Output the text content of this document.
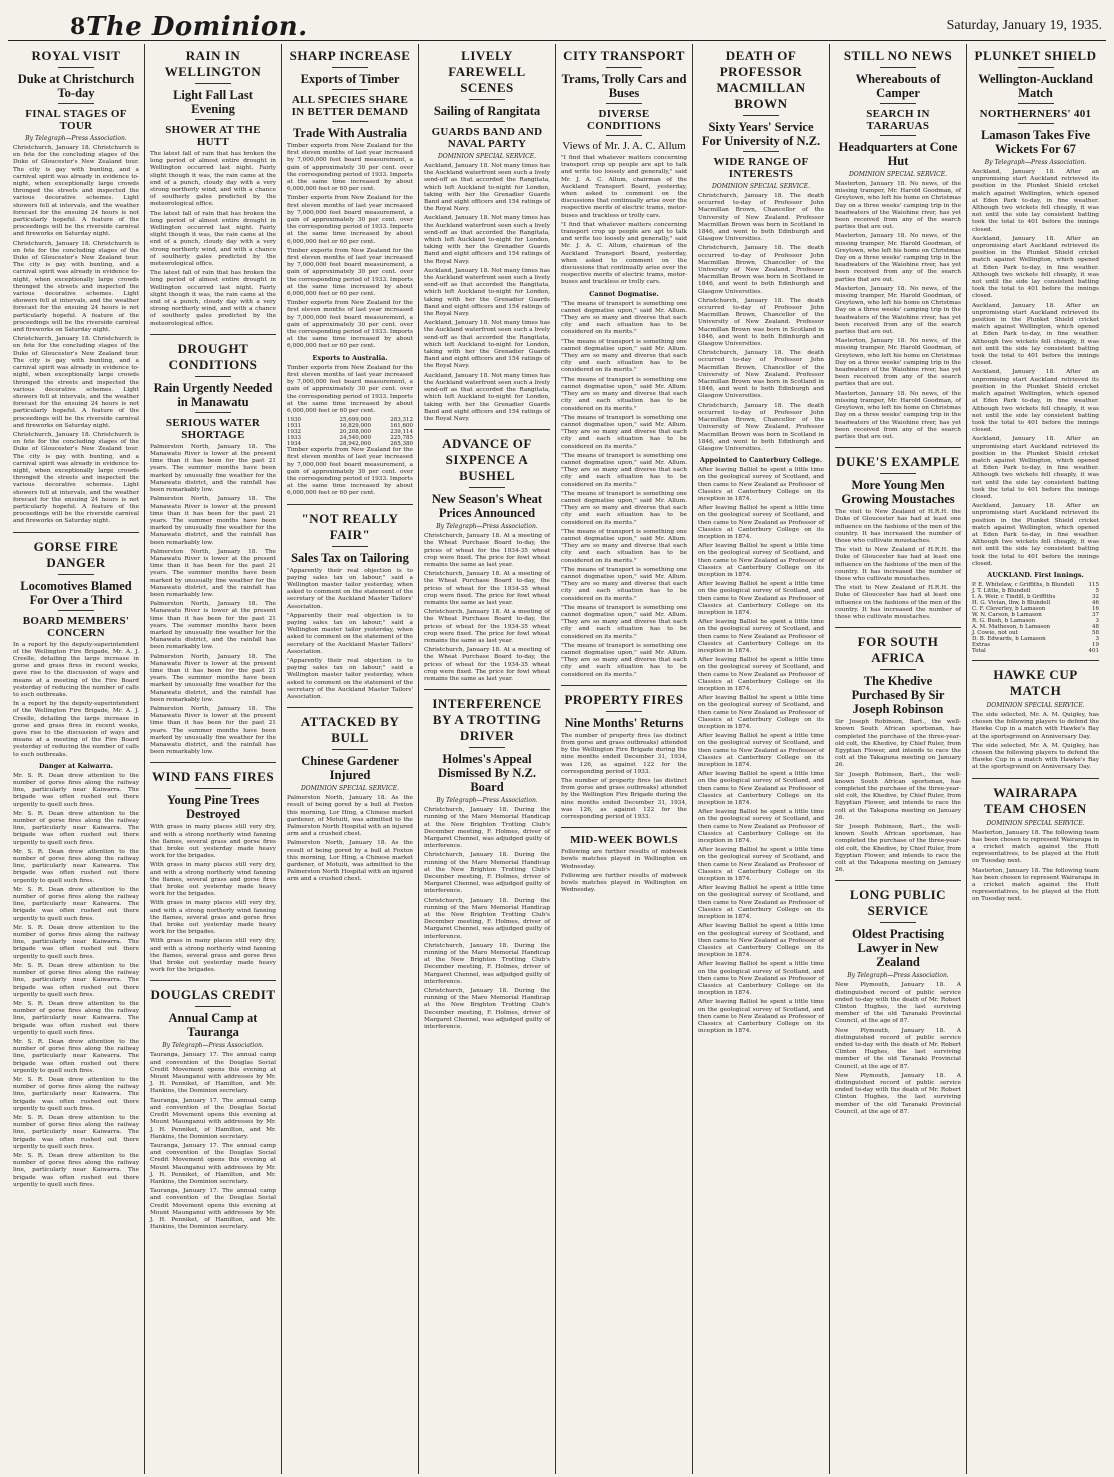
8 The Dominion.	Saturday, January 19, 1935.
ROYAL VISIT
Duke at Christchurch To-day
FINAL STAGES OF TOUR
By Telegraph—Press Association.

Christchurch, January 18. Christchurch is en fete for the concluding stages of the Duke of Gloucester's New Zealand tour. The city is gay with bunting, and a carnival spirit was already in evidence to-night, when exceptionally large crowds thronged the streets and inspected the various decorative schemes. Light showers fell at intervals, and the weather forecast for the ensuing 24 hours is not particularly hopeful. A feature of the proceedings will be the riverside carnival and fireworks on Saturday night.

Christchurch, January 18. Christchurch is en fete for the concluding stages of the Duke of Gloucester's New Zealand tour. The city is gay with bunting, and a carnival spirit was already in evidence to-night, when exceptionally large crowds thronged the streets and inspected the various decorative schemes. Light showers fell at intervals, and the weather forecast for the ensuing 24 hours is not particularly hopeful. A feature of the proceedings will be the riverside carnival and fireworks on Saturday night.

Christchurch, January 18. Christchurch is en fete for the concluding stages of the Duke of Gloucester's New Zealand tour. The city is gay with bunting, and a carnival spirit was already in evidence to-night, when exceptionally large crowds thronged the streets and inspected the various decorative schemes. Light showers fell at intervals, and the weather forecast for the ensuing 24 hours is not particularly hopeful. A feature of the proceedings will be the riverside carnival and fireworks on Saturday night.

Christchurch, January 18. Christchurch is en fete for the concluding stages of the Duke of Gloucester's New Zealand tour. The city is gay with bunting, and a carnival spirit was already in evidence to-night, when exceptionally large crowds thronged the streets and inspected the various decorative schemes. Light showers fell at intervals, and the weather forecast for the ensuing 24 hours is not particularly hopeful. A feature of the proceedings will be the riverside carnival and fireworks on Saturday night.

GORSE FIRE DANGER
Locomotives Blamed For Over a Third
BOARD MEMBERS' CONCERN

In a report by the deputy-superintendent of the Wellington Fire Brigade, Mr. A. J. Creelle, detailing the large increase in gorse and grass fires in recent weeks, gave rise to the discussion of ways and means at a meeting of the Fire Board yesterday of reducing the number of calls to such outbreaks.

In a report by the deputy-superintendent of the Wellington Fire Brigade, Mr. A. J. Creelle, detailing the large increase in gorse and grass fires in recent weeks, gave rise to the discussion of ways and means at a meeting of the Fire Board yesterday of reducing the number of calls to such outbreaks.

Danger at Kaiwarra.

Mr. S. R. Dean drew attention to the number of gorse fires along the railway line, particularly near Kaiwarra. The brigade was often rushed out there urgently to quell such fires.

Mr. S. R. Dean drew attention to the number of gorse fires along the railway line, particularly near Kaiwarra. The brigade was often rushed out there urgently to quell such fires.

Mr. S. R. Dean drew attention to the number of gorse fires along the railway line, particularly near Kaiwarra. The brigade was often rushed out there urgently to quell such fires.

Mr. S. R. Dean drew attention to the number of gorse fires along the railway line, particularly near Kaiwarra. The brigade was often rushed out there urgently to quell such fires.

Mr. S. R. Dean drew attention to the number of gorse fires along the railway line, particularly near Kaiwarra. The brigade was often rushed out there urgently to quell such fires.

Mr. S. R. Dean drew attention to the number of gorse fires along the railway line, particularly near Kaiwarra. The brigade was often rushed out there urgently to quell such fires.

Mr. S. R. Dean drew attention to the number of gorse fires along the railway line, particularly near Kaiwarra. The brigade was often rushed out there urgently to quell such fires.

Mr. S. R. Dean drew attention to the number of gorse fires along the railway line, particularly near Kaiwarra. The brigade was often rushed out there urgently to quell such fires.

Mr. S. R. Dean drew attention to the number of gorse fires along the railway line, particularly near Kaiwarra. The brigade was often rushed out there urgently to quell such fires.

Mr. S. R. Dean drew attention to the number of gorse fires along the railway line, particularly near Kaiwarra. The brigade was often rushed out there urgently to quell such fires.

Mr. S. R. Dean drew attention to the number of gorse fires along the railway line, particularly near Kaiwarra. The brigade was often rushed out there urgently to quell such fires.

RAIN IN WELLINGTON
Light Fall Last Evening
SHOWER AT THE HUTT

The latest fall of rain that has broken the long period of almost entire drought in Wellington occurred last night. Fairly slight though it was, the rain came at the end of a punch, cloudy day with a very strong northerly wind, and with a chance of southerly gales predicted by the meteorological office.

The latest fall of rain that has broken the long period of almost entire drought in Wellington occurred last night. Fairly slight though it was, the rain came at the end of a punch, cloudy day with a very strong northerly wind, and with a chance of southerly gales predicted by the meteorological office.

The latest fall of rain that has broken the long period of almost entire drought in Wellington occurred last night. Fairly slight though it was, the rain came at the end of a punch, cloudy day with a very strong northerly wind, and with a chance of southerly gales predicted by the meteorological office.

DROUGHT CONDITIONS
Rain Urgently Needed in Manawatu
SERIOUS WATER SHORTAGE

Palmerston North, January 18. The Manawatu River is lower at the present time than it has been for the past 21 years. The summer months have been marked by unusually fine weather for the Manawatu district, and the rainfall has been remarkably low.

Palmerston North, January 18. The Manawatu River is lower at the present time than it has been for the past 21 years. The summer months have been marked by unusually fine weather for the Manawatu district, and the rainfall has been remarkably low.

Palmerston North, January 18. The Manawatu River is lower at the present time than it has been for the past 21 years. The summer months have been marked by unusually fine weather for the Manawatu district, and the rainfall has been remarkably low.

Palmerston North, January 18. The Manawatu River is lower at the present time than it has been for the past 21 years. The summer months have been marked by unusually fine weather for the Manawatu district, and the rainfall has been remarkably low.

Palmerston North, January 18. The Manawatu River is lower at the present time than it has been for the past 21 years. The summer months have been marked by unusually fine weather for the Manawatu district, and the rainfall has been remarkably low.

Palmerston North, January 18. The Manawatu River is lower at the present time than it has been for the past 21 years. The summer months have been marked by unusually fine weather for the Manawatu district, and the rainfall has been remarkably low.

WIND FANS FIRES
Young Pine Trees Destroyed

With grass in many places still very dry, and with a strong northerly wind fanning the flames, several grass and gorse fires that broke out yesterday made heavy work for the brigades.

With grass in many places still very dry, and with a strong northerly wind fanning the flames, several grass and gorse fires that broke out yesterday made heavy work for the brigades.

With grass in many places still very dry, and with a strong northerly wind fanning the flames, several grass and gorse fires that broke out yesterday made heavy work for the brigades.

With grass in many places still very dry, and with a strong northerly wind fanning the flames, several grass and gorse fires that broke out yesterday made heavy work for the brigades.

DOUGLAS CREDIT
Annual Camp at Tauranga
By Telegraph—Press Association.

Tauranga, January 17. The annual camp and convention of the Douglas Social Credit Movement opens this evening at Mount Maunganui with addresses by Mr. J. H. Penniket, of Hamilton, and Mr. Hankins, the Dominion secretary.

Tauranga, January 17. The annual camp and convention of the Douglas Social Credit Movement opens this evening at Mount Maunganui with addresses by Mr. J. H. Penniket, of Hamilton, and Mr. Hankins, the Dominion secretary.

Tauranga, January 17. The annual camp and convention of the Douglas Social Credit Movement opens this evening at Mount Maunganui with addresses by Mr. J. H. Penniket, of Hamilton, and Mr. Hankins, the Dominion secretary.

Tauranga, January 17. The annual camp and convention of the Douglas Social Credit Movement opens this evening at Mount Maunganui with addresses by Mr. J. H. Penniket, of Hamilton, and Mr. Hankins, the Dominion secretary.

SHARP INCREASE
Exports of Timber
ALL SPECIES SHARE IN BETTER DEMAND
Trade With Australia

Timber exports from New Zealand for the first eleven months of last year increased by 7,000,000 feet board measurement, a gain of approximately 30 per cent. over the corresponding period of 1933. Imports at the same time increased by about 6,000,000 feet or 60 per cent.

Timber exports from New Zealand for the first eleven months of last year increased by 7,000,000 feet board measurement, a gain of approximately 30 per cent. over the corresponding period of 1933. Imports at the same time increased by about 6,000,000 feet or 60 per cent.

Timber exports from New Zealand for the first eleven months of last year increased by 7,000,000 feet board measurement, a gain of approximately 30 per cent. over the corresponding period of 1933. Imports at the same time increased by about 6,000,000 feet or 60 per cent.

Timber exports from New Zealand for the first eleven months of last year increased by 7,000,000 feet board measurement, a gain of approximately 30 per cent. over the corresponding period of 1933. Imports at the same time increased by about 6,000,000 feet or 60 per cent.

Exports to Australia.

Timber exports from New Zealand for the first eleven months of last year increased by 7,000,000 feet board measurement, a gain of approximately 30 per cent. over the corresponding period of 1933. Imports at the same time increased by about 6,000,000 feet or 60 per cent.

1930	25,699,000	283,312
1931	16,829,000	161,600
1932	20,208,000	239,114
1933	24,540,000	225,785
1934	28,942,000	265,380

Timber exports from New Zealand for the first eleven months of last year increased by 7,000,000 feet board measurement, a gain of approximately 30 per cent. over the corresponding period of 1933. Imports at the same time increased by about 6,000,000 feet or 60 per cent.

"NOT REALLY FAIR"
Sales Tax on Tailoring

"Apparently their real objection is to paying sales tax on labour," said a Wellington master tailor yesterday, when asked to comment on the statement of the secretary of the Auckland Master Tailors' Association.

"Apparently their real objection is to paying sales tax on labour," said a Wellington master tailor yesterday, when asked to comment on the statement of the secretary of the Auckland Master Tailors' Association.

"Apparently their real objection is to paying sales tax on labour," said a Wellington master tailor yesterday, when asked to comment on the statement of the secretary of the Auckland Master Tailors' Association.

ATTACKED BY BULL
Chinese Gardener Injured
DOMINION SPECIAL SERVICE.

Palmerston North, January 18. As the result of being gored by a bull at Foxton this morning, Lor Hing, a Chinese market gardener, of Motuiti, was admitted to the Palmerston North Hospital with an injured arm and a crushed chest.

Palmerston North, January 18. As the result of being gored by a bull at Foxton this morning, Lor Hing, a Chinese market gardener, of Motuiti, was admitted to the Palmerston North Hospital with an injured arm and a crushed chest.

LIVELY FAREWELL SCENES
Sailing of Rangitata
GUARDS BAND AND NAVAL PARTY
DOMINION SPECIAL SERVICE.

Auckland, January 18. Not many times has the Auckland waterfront seen such a lively send-off as that accorded the Rangitata, which left Auckland to-night for London, taking with her the Grenadier Guards Band and eight officers and 154 ratings of the Royal Navy.

Auckland, January 18. Not many times has the Auckland waterfront seen such a lively send-off as that accorded the Rangitata, which left Auckland to-night for London, taking with her the Grenadier Guards Band and eight officers and 154 ratings of the Royal Navy.

Auckland, January 18. Not many times has the Auckland waterfront seen such a lively send-off as that accorded the Rangitata, which left Auckland to-night for London, taking with her the Grenadier Guards Band and eight officers and 154 ratings of the Royal Navy.

Auckland, January 18. Not many times has the Auckland waterfront seen such a lively send-off as that accorded the Rangitata, which left Auckland to-night for London, taking with her the Grenadier Guards Band and eight officers and 154 ratings of the Royal Navy.

Auckland, January 18. Not many times has the Auckland waterfront seen such a lively send-off as that accorded the Rangitata, which left Auckland to-night for London, taking with her the Grenadier Guards Band and eight officers and 154 ratings of the Royal Navy.

ADVANCE OF SIXPENCE A BUSHEL
New Season's Wheat Prices Announced
By Telegraph—Press Association.

Christchurch, January 18. At a meeting of the Wheat Purchase Board to-day, the prices of wheat for the 1934-35 wheat crop were fixed. The price for fowl wheat remains the same as last year.

Christchurch, January 18. At a meeting of the Wheat Purchase Board to-day, the prices of wheat for the 1934-35 wheat crop were fixed. The price for fowl wheat remains the same as last year.

Christchurch, January 18. At a meeting of the Wheat Purchase Board to-day, the prices of wheat for the 1934-35 wheat crop were fixed. The price for fowl wheat remains the same as last year.

Christchurch, January 18. At a meeting of the Wheat Purchase Board to-day, the prices of wheat for the 1934-35 wheat crop were fixed. The price for fowl wheat remains the same as last year.

INTERFERENCE BY A TROTTING DRIVER
Holmes's Appeal Dismissed By N.Z. Board
By Telegraph—Press Association.

Christchurch, January 18. During the running of the Maro Memorial Handicap at the New Brighton Trotting Club's December meeting, F. Holmes, driver of Margaret Chennel, was adjudged guilty of interference.

Christchurch, January 18. During the running of the Maro Memorial Handicap at the New Brighton Trotting Club's December meeting, F. Holmes, driver of Margaret Chennel, was adjudged guilty of interference.

Christchurch, January 18. During the running of the Maro Memorial Handicap at the New Brighton Trotting Club's December meeting, F. Holmes, driver of Margaret Chennel, was adjudged guilty of interference.

Christchurch, January 18. During the running of the Maro Memorial Handicap at the New Brighton Trotting Club's December meeting, F. Holmes, driver of Margaret Chennel, was adjudged guilty of interference.

Christchurch, January 18. During the running of the Maro Memorial Handicap at the New Brighton Trotting Club's December meeting, F. Holmes, driver of Margaret Chennel, was adjudged guilty of interference.

CITY TRANSPORT
Trams, Trolly Cars and Buses
DIVERSE CONDITIONS
Views of Mr. J. A. C. Allum

"I find that whatever matters concerning transport crop up people are apt to talk and write too loosely and generally," said Mr. J. A. C. Allum, chairman of the Auckland Transport Board, yesterday, when asked to comment on the discussions that continually arise over the respective merits of electric trams, motor-buses and trackless or trolly cars.

"I find that whatever matters concerning transport crop up people are apt to talk and write too loosely and generally," said Mr. J. A. C. Allum, chairman of the Auckland Transport Board, yesterday, when asked to comment on the discussions that continually arise over the respective merits of electric trams, motor-buses and trackless or trolly cars.

Cannot Dogmatise.

"The means of transport is something one cannot dogmatise upon," said Mr. Allum. "They are so many and diverse that each city and each situation has to be considered on its merits."

"The means of transport is something one cannot dogmatise upon," said Mr. Allum. "They are so many and diverse that each city and each situation has to be considered on its merits."

"The means of transport is something one cannot dogmatise upon," said Mr. Allum. "They are so many and diverse that each city and each situation has to be considered on its merits."

"The means of transport is something one cannot dogmatise upon," said Mr. Allum. "They are so many and diverse that each city and each situation has to be considered on its merits."

"The means of transport is something one cannot dogmatise upon," said Mr. Allum. "They are so many and diverse that each city and each situation has to be considered on its merits."

"The means of transport is something one cannot dogmatise upon," said Mr. Allum. "They are so many and diverse that each city and each situation has to be considered on its merits."

"The means of transport is something one cannot dogmatise upon," said Mr. Allum. "They are so many and diverse that each city and each situation has to be considered on its merits."

"The means of transport is something one cannot dogmatise upon," said Mr. Allum. "They are so many and diverse that each city and each situation has to be considered on its merits."

"The means of transport is something one cannot dogmatise upon," said Mr. Allum. "They are so many and diverse that each city and each situation has to be considered on its merits."

"The means of transport is something one cannot dogmatise upon," said Mr. Allum. "They are so many and diverse that each city and each situation has to be considered on its merits."

PROPERTY FIRES
Nine Months' Returns

The number of property fires (as distinct from gorse and grass outbreaks) attended by the Wellington Fire Brigade during the nine months ended December 31, 1934, was 126, as against 122 for the corresponding period of 1933.

The number of property fires (as distinct from gorse and grass outbreaks) attended by the Wellington Fire Brigade during the nine months ended December 31, 1934, was 126, as against 122 for the corresponding period of 1933.

MID-WEEK BOWLS

Following are further results of midweek bowls matches played in Wellington on Wednesday.

Following are further results of midweek bowls matches played in Wellington on Wednesday.

DEATH OF PROFESSOR MACMILLAN BROWN
Sixty Years' Service For University of N.Z.
WIDE RANGE OF INTERESTS
DOMINION SPECIAL SERVICE.

Christchurch, January 18. The death occurred to-day of Professor John Macmillan Brown, Chancellor of the University of New Zealand. Professor Macmillan Brown was born in Scotland in 1846, and went to both Edinburgh and Glasgow Universities.

Christchurch, January 18. The death occurred to-day of Professor John Macmillan Brown, Chancellor of the University of New Zealand. Professor Macmillan Brown was born in Scotland in 1846, and went to both Edinburgh and Glasgow Universities.

Christchurch, January 18. The death occurred to-day of Professor John Macmillan Brown, Chancellor of the University of New Zealand. Professor Macmillan Brown was born in Scotland in 1846, and went to both Edinburgh and Glasgow Universities.

Christchurch, January 18. The death occurred to-day of Professor John Macmillan Brown, Chancellor of the University of New Zealand. Professor Macmillan Brown was born in Scotland in 1846, and went to both Edinburgh and Glasgow Universities.

Christchurch, January 18. The death occurred to-day of Professor John Macmillan Brown, Chancellor of the University of New Zealand. Professor Macmillan Brown was born in Scotland in 1846, and went to both Edinburgh and Glasgow Universities.

Appointed to Canterbury College.

After leaving Balliol he spent a little time on the geological survey of Scotland, and then came to New Zealand as Professor of Classics at Canterbury College on its inception in 1874.

After leaving Balliol he spent a little time on the geological survey of Scotland, and then came to New Zealand as Professor of Classics at Canterbury College on its inception in 1874.

After leaving Balliol he spent a little time on the geological survey of Scotland, and then came to New Zealand as Professor of Classics at Canterbury College on its inception in 1874.

After leaving Balliol he spent a little time on the geological survey of Scotland, and then came to New Zealand as Professor of Classics at Canterbury College on its inception in 1874.

After leaving Balliol he spent a little time on the geological survey of Scotland, and then came to New Zealand as Professor of Classics at Canterbury College on its inception in 1874.

After leaving Balliol he spent a little time on the geological survey of Scotland, and then came to New Zealand as Professor of Classics at Canterbury College on its inception in 1874.

After leaving Balliol he spent a little time on the geological survey of Scotland, and then came to New Zealand as Professor of Classics at Canterbury College on its inception in 1874.

After leaving Balliol he spent a little time on the geological survey of Scotland, and then came to New Zealand as Professor of Classics at Canterbury College on its inception in 1874.

After leaving Balliol he spent a little time on the geological survey of Scotland, and then came to New Zealand as Professor of Classics at Canterbury College on its inception in 1874.

After leaving Balliol he spent a little time on the geological survey of Scotland, and then came to New Zealand as Professor of Classics at Canterbury College on its inception in 1874.

After leaving Balliol he spent a little time on the geological survey of Scotland, and then came to New Zealand as Professor of Classics at Canterbury College on its inception in 1874.

After leaving Balliol he spent a little time on the geological survey of Scotland, and then came to New Zealand as Professor of Classics at Canterbury College on its inception in 1874.

After leaving Balliol he spent a little time on the geological survey of Scotland, and then came to New Zealand as Professor of Classics at Canterbury College on its inception in 1874.

After leaving Balliol he spent a little time on the geological survey of Scotland, and then came to New Zealand as Professor of Classics at Canterbury College on its inception in 1874.

After leaving Balliol he spent a little time on the geological survey of Scotland, and then came to New Zealand as Professor of Classics at Canterbury College on its inception in 1874.

STILL NO NEWS
Whereabouts of Camper
SEARCH IN TARARUAS
Headquarters at Cone Hut
DOMINION SPECIAL SERVICE.

Masterton, January 18. No news, of the missing tramper, Mr. Harold Goodman, of Greytown, who left his home on Christmas Day on a three weeks' camping trip in the headwaters of the Waiohine river, has yet been received from any of the search parties that are out.

Masterton, January 18. No news, of the missing tramper, Mr. Harold Goodman, of Greytown, who left his home on Christmas Day on a three weeks' camping trip in the headwaters of the Waiohine river, has yet been received from any of the search parties that are out.

Masterton, January 18. No news, of the missing tramper, Mr. Harold Goodman, of Greytown, who left his home on Christmas Day on a three weeks' camping trip in the headwaters of the Waiohine river, has yet been received from any of the search parties that are out.

Masterton, January 18. No news, of the missing tramper, Mr. Harold Goodman, of Greytown, who left his home on Christmas Day on a three weeks' camping trip in the headwaters of the Waiohine river, has yet been received from any of the search parties that are out.

Masterton, January 18. No news, of the missing tramper, Mr. Harold Goodman, of Greytown, who left his home on Christmas Day on a three weeks' camping trip in the headwaters of the Waiohine river, has yet been received from any of the search parties that are out.

DUKE'S EXAMPLE
More Young Men Growing Moustaches

The visit to New Zealand of H.R.H. the Duke of Gloucester has had at least one influence on the fashions of the men of the country. It has increased the number of those who cultivate moustaches.

The visit to New Zealand of H.R.H. the Duke of Gloucester has had at least one influence on the fashions of the men of the country. It has increased the number of those who cultivate moustaches.

The visit to New Zealand of H.R.H. the Duke of Gloucester has had at least one influence on the fashions of the men of the country. It has increased the number of those who cultivate moustaches.

FOR SOUTH AFRICA
The Khedive Purchased By Sir Joseph Robinson

Sir Joseph Robinson, Bart., the well-known South African sportsman, has completed the purchase of the three-year-old colt, the Khedive, by Chief Ruler, from Egyptian Flower, and intends to race the colt at the Takapuna meeting on January 26.

Sir Joseph Robinson, Bart., the well-known South African sportsman, has completed the purchase of the three-year-old colt, the Khedive, by Chief Ruler, from Egyptian Flower, and intends to race the colt at the Takapuna meeting on January 26.

Sir Joseph Robinson, Bart., the well-known South African sportsman, has completed the purchase of the three-year-old colt, the Khedive, by Chief Ruler, from Egyptian Flower, and intends to race the colt at the Takapuna meeting on January 26.

LONG PUBLIC SERVICE
Oldest Practising Lawyer in New Zealand
By Telegraph—Press Association.

New Plymouth, January 18. A distinguished record of public service ended to-day with the death of Mr. Robert Clinton Hughes, the last surviving member of the old Taranaki Provincial Council, at the age of 87.

New Plymouth, January 18. A distinguished record of public service ended to-day with the death of Mr. Robert Clinton Hughes, the last surviving member of the old Taranaki Provincial Council, at the age of 87.

New Plymouth, January 18. A distinguished record of public service ended to-day with the death of Mr. Robert Clinton Hughes, the last surviving member of the old Taranaki Provincial Council, at the age of 87.

PLUNKET SHIELD
Wellington-Auckland Match
NORTHERNERS' 401
Lamason Takes Five Wickets For 67
By Telegraph—Press Association.

Auckland, January 18. After an unpromising start Auckland retrieved its position in the Plunket Shield cricket match against Wellington, which opened at Eden Park to-day, in fine weather. Although two wickets fell cheaply, it was not until the side lay consistent batting took the total to 401 before the innings closed.

Auckland, January 18. After an unpromising start Auckland retrieved its position in the Plunket Shield cricket match against Wellington, which opened at Eden Park to-day, in fine weather. Although two wickets fell cheaply, it was not until the side lay consistent batting took the total to 401 before the innings closed.

Auckland, January 18. After an unpromising start Auckland retrieved its position in the Plunket Shield cricket match against Wellington, which opened at Eden Park to-day, in fine weather. Although two wickets fell cheaply, it was not until the side lay consistent batting took the total to 401 before the innings closed.

Auckland, January 18. After an unpromising start Auckland retrieved its position in the Plunket Shield cricket match against Wellington, which opened at Eden Park to-day, in fine weather. Although two wickets fell cheaply, it was not until the side lay consistent batting took the total to 401 before the innings closed.

Auckland, January 18. After an unpromising start Auckland retrieved its position in the Plunket Shield cricket match against Wellington, which opened at Eden Park to-day, in fine weather. Although two wickets fell cheaply, it was not until the side lay consistent batting took the total to 401 before the innings closed.

Auckland, January 18. After an unpromising start Auckland retrieved its position in the Plunket Shield cricket match against Wellington, which opened at Eden Park to-day, in fine weather. Although two wickets fell cheaply, it was not until the side lay consistent batting took the total to 401 before the innings closed.

AUCKLAND. First Innings.
P. E. Whitelaw, c Griffiths, b Blundell	115
J. T. Little, b Blundell	5
I. A. Weir, c Tindill, b Griffiths	32
H. G. Vivian, lbw, b Blundell	46
C. F. Cleverley, b Lamason	16
W. N. Carson, b Lamason	37
R. G. Bush, b Lamason	3
A. M. Matheson, b Lamason	48
J. Cowie, not out	58
D. B. Edwards, b Lamason	3
Extras	19
Total	401
HAWKE CUP MATCH
DOMINION SPECIAL SERVICE.

The side selected, Mr. A. M. Quigley, has chosen the following players to defend the Hawke Cup in a match with Hawke's Bay at the sportsground on Anniversary Day.

The side selected, Mr. A. M. Quigley, has chosen the following players to defend the Hawke Cup in a match with Hawke's Bay at the sportsground on Anniversary Day.

WAIRARAPA TEAM CHOSEN
DOMINION SPECIAL SERVICE.

Masterton, January 18. The following team has been chosen to represent Wairarapa in a cricket match against the Hutt representatives, to be played at the Hutt on Tuesday next.

Masterton, January 18. The following team has been chosen to represent Wairarapa in a cricket match against the Hutt representatives, to be played at the Hutt on Tuesday next.
